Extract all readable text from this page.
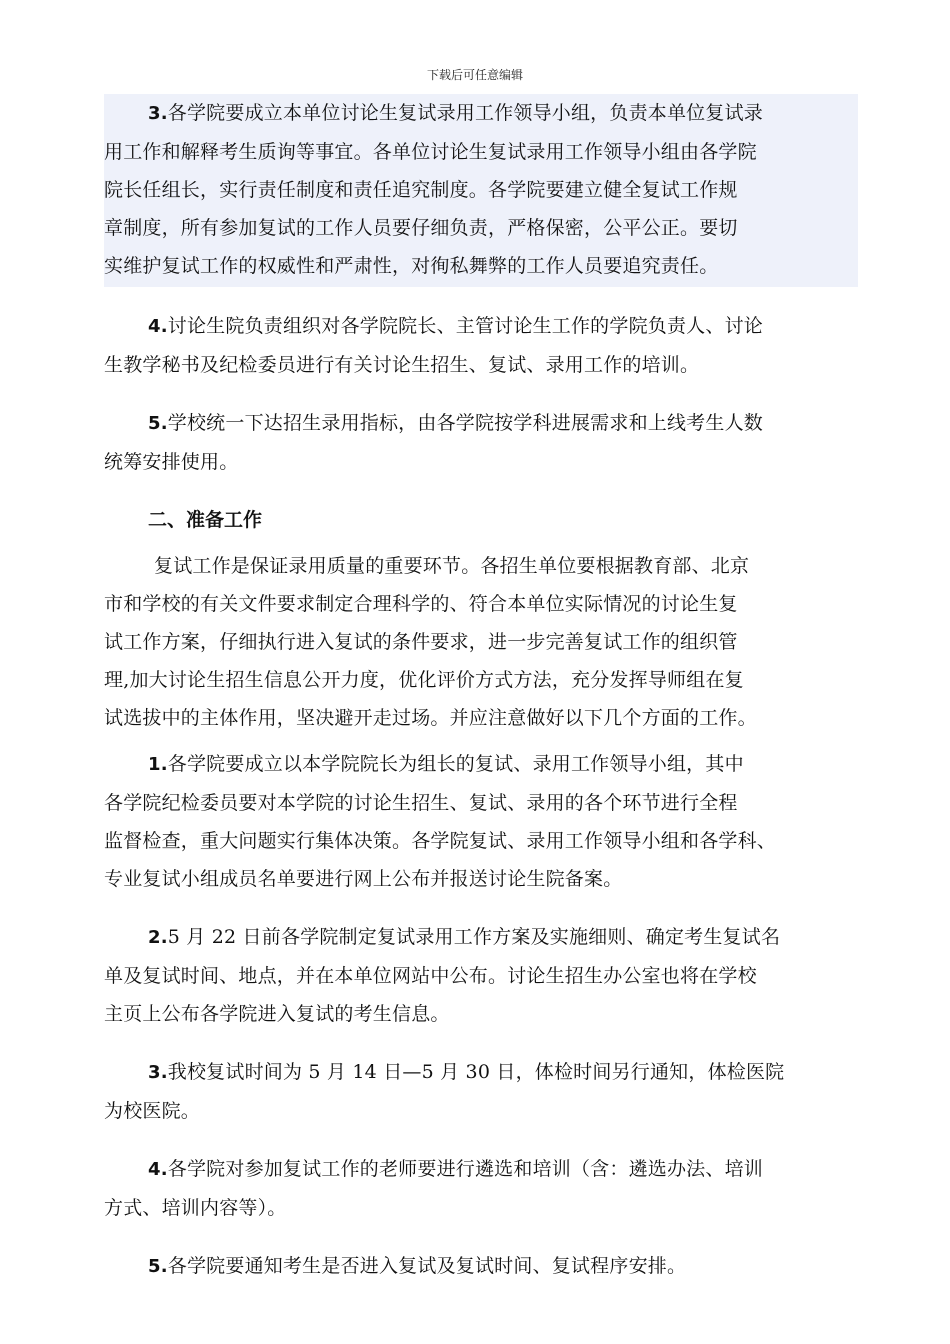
下载后可任意编辑
3.各学院要成立本单位讨论生复试录用工作领导小组，负责本单位复试录
用工作和解释考生质询等事宜。各单位讨论生复试录用工作领导小组由各学院
院长任组长，实行责任制度和责任追究制度。各学院要建立健全复试工作规
章制度，所有参加复试的工作人员要仔细负责，严格保密，公平公正。要切
实维护复试工作的权威性和严肃性，对徇私舞弊的工作人员要追究责任。
4.讨论生院负责组织对各学院院长、主管讨论生工作的学院负责人、讨论
生教学秘书及纪检委员进行有关讨论生招生、复试、录用工作的培训。
5.学校统一下达招生录用指标，由各学院按学科进展需求和上线考生人数
统筹安排使用。
二、准备工作
复试工作是保证录用质量的重要环节。各招生单位要根据教育部、北京
市和学校的有关文件要求制定合理科学的、符合本单位实际情况的讨论生复
试工作方案，仔细执行进入复试的条件要求，进一步完善复试工作的组织管
理,加大讨论生招生信息公开力度，优化评价方式方法，充分发挥导师组在复
试选拔中的主体作用，坚决避开走过场。并应注意做好以下几个方面的工作。
1.各学院要成立以本学院院长为组长的复试、录用工作领导小组，其中
各学院纪检委员要对本学院的讨论生招生、复试、录用的各个环节进行全程
监督检查，重大问题实行集体决策。各学院复试、录用工作领导小组和各学科、
专业复试小组成员名单要进行网上公布并报送讨论生院备案。
2.5 月 22 日前各学院制定复试录用工作方案及实施细则、确定考生复试名
单及复试时间、地点，并在本单位网站中公布。讨论生招生办公室也将在学校
主页上公布各学院进入复试的考生信息。
3.我校复试时间为 5 月 14 日—5 月 30 日，体检时间另行通知，体检医院
为校医院。
4.各学院对参加复试工作的老师要进行遴选和培训（含：遴选办法、培训
方式、培训内容等）。
5.各学院要通知考生是否进入复试及复试时间、复试程序安排。
